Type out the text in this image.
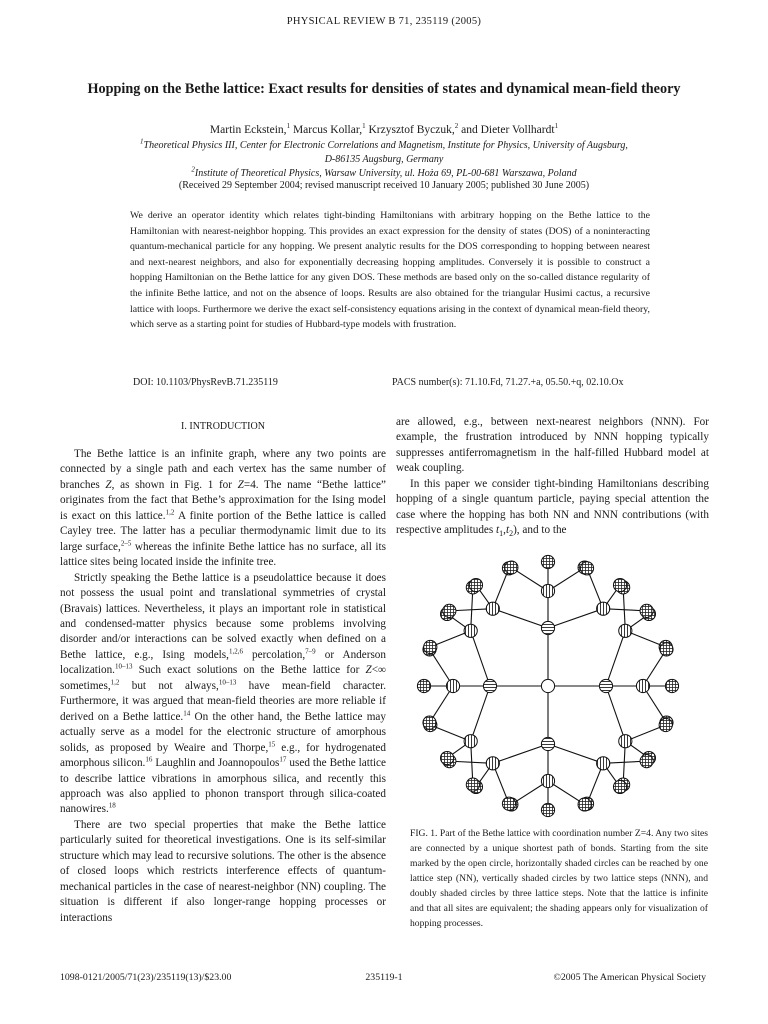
PHYSICAL REVIEW B 71, 235119 (2005)
Hopping on the Bethe lattice: Exact results for densities of states and dynamical mean-field theory
Martin Eckstein,$^1$ Marcus Kollar,$^1$ Krzysztof Byczuk,$^2$ and Dieter Vollhardt$^1$
$^1$Theoretical Physics III, Center for Electronic Correlations and Magnetism, Institute for Physics, University of Augsburg,
D-86135 Augsburg, Germany
$^2$Institute of Theoretical Physics, Warsaw University, ul. Hoża 69, PL-00-681 Warszawa, Poland
(Received 29 September 2004; revised manuscript received 10 January 2005; published 30 June 2005)
We derive an operator identity which relates tight-binding Hamiltonians with arbitrary hopping on the Bethe lattice to the Hamiltonian with nearest-neighbor hopping. This provides an exact expression for the density of states (DOS) of a noninteracting quantum-mechanical particle for any hopping. We present analytic results for the DOS corresponding to hopping between nearest and next-nearest neighbors, and also for exponentially decreasing hopping amplitudes. Conversely it is possible to construct a hopping Hamiltonian on the Bethe lattice for any given DOS. These methods are based only on the so-called distance regularity of the infinite Bethe lattice, and not on the absence of loops. Results are also obtained for the triangular Husimi cactus, a recursive lattice with loops. Furthermore we derive the exact self-consistency equations arising in the context of dynamical mean-field theory, which serve as a starting point for studies of Hubbard-type models with frustration.
DOI: 10.1103/PhysRevB.71.235119	PACS number(s): 71.10.Fd, 71.27.+a, 05.50.+q, 02.10.Ox
I. INTRODUCTION

The Bethe lattice is an infinite graph, where any two points are connected by a single path and each vertex has the same number of branches Z, as shown in Fig. 1 for Z=4. The name “Bethe lattice” originates from the fact that Bethe’s approximation for the Ising model is exact on this lattice.$^{1,2}$ A finite portion of the Bethe lattice is called Cayley tree. The latter has a peculiar thermodynamic limit due to its large surface,$^{2-5}$ whereas the infinite Bethe lattice has no surface, all its lattice sites being located inside the infinite tree.

Strictly speaking the Bethe lattice is a pseudolattice because it does not possess the usual point and translational symmetries of crystal (Bravais) lattices. Nevertheless, it plays an important role in statistical and condensed-matter physics because some problems involving disorder and/or interactions can be solved exactly when defined on a Bethe lattice, e.g., Ising models,$^{1,2,6}$ percolation,$^{7-9}$ or Anderson localization.$^{10-13}$ Such exact solutions on the Bethe lattice for Z<∞ sometimes,$^{1,2}$ but not always,$^{10-13}$ have mean-field character. Furthermore, it was argued that mean-field theories are more reliable if derived on a Bethe lattice.$^{14}$ On the other hand, the Bethe lattice may actually serve as a model for the electronic structure of amorphous solids, as proposed by Weaire and Thorpe,$^{15}$ e.g., for hydrogenated amorphous silicon.$^{16}$ Laughlin and Joannopoulos$^{17}$ used the Bethe lattice to describe lattice vibrations in amorphous silica, and recently this approach was also applied to phonon transport through silica-coated nanowires.$^{18}$

There are two special properties that make the Bethe lattice particularly suited for theoretical investigations. One is its self-similar structure which may lead to recursive solutions. The other is the absence of closed loops which restricts interference effects of quantum-mechanical particles in the case of nearest-neighbor (NN) coupling. The situation is different if also longer-range hopping processes or interactions

are allowed, e.g., between next-nearest neighbors (NNN). For example, the frustration introduced by NNN hopping typically suppresses antiferromagnetism in the half-filled Hubbard model at weak coupling.

In this paper we consider tight-binding Hamiltonians describing hopping of a single quantum particle, paying special attention the case where the hopping has both NN and NNN contributions (with respective amplitudes $t_1,t_2$), and to the

FIG. 1. Part of the Bethe lattice with coordination number Z=4. Any two sites are connected by a unique shortest path of bonds. Starting from the site marked by the open circle, horizontally shaded circles can be reached by one lattice step (NN), vertically shaded circles by two lattice steps (NNN), and doubly shaded circles by three lattice steps. Note that the lattice is infinite and that all sites are equivalent; the shading appears only for visualization of hopping processes.
1098-0121/2005/71(23)/235119(13)/$23.00	235119-1	©2005 The American Physical Society
